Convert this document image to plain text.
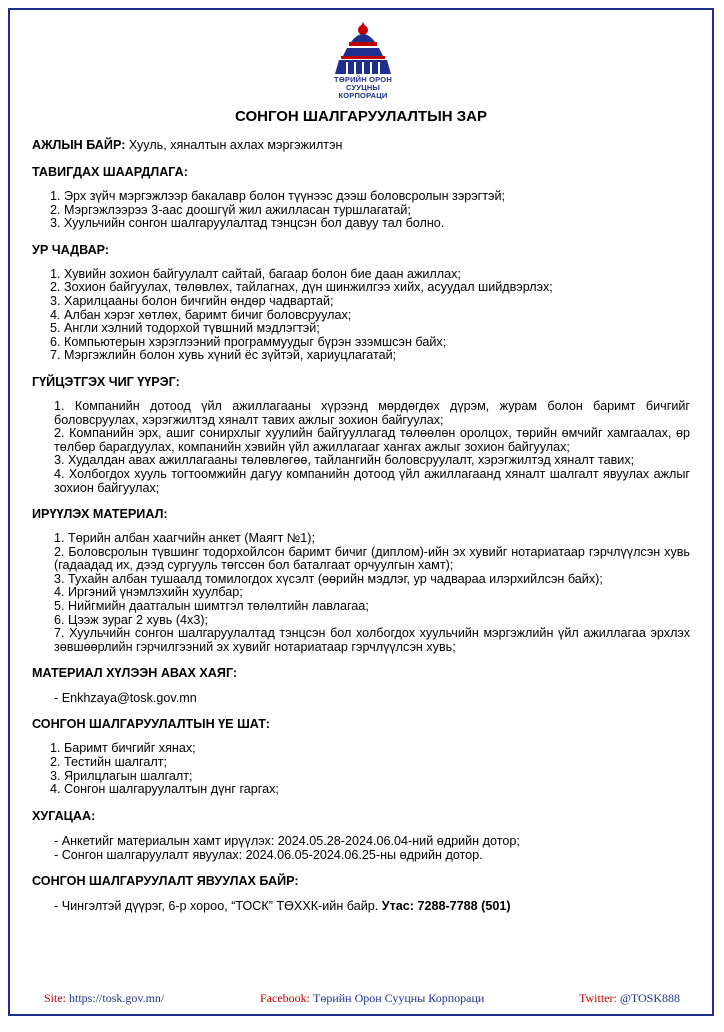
ТӨРИЙН ОРОН СУУЦНЫ
КОРПОРАЦИ
СОНГОН ШАЛГАРУУЛАЛТЫН ЗАР
АЖЛЫН БАЙР: Хууль, хяналтын ахлах мэргэжилтэн
ТАВИГДАХ ШААРДЛАГА:
1. Эрх зүйч мэргэжлээр бакалавр болон түүнээс дээш боловсролын зэрэгтэй;
2. Мэргэжлээрээ 3-аас доошгүй жил ажилласан туршлагатай;
3. Хуульчийн сонгон шалгаруулалтад тэнцсэн бол давуу тал болно.
УР ЧАДВАР:
1. Хувийн зохион байгуулалт сайтай, багаар болон бие даан ажиллах;
2. Зохион байгуулах, төлөвлөх, тайлагнах, дүн шинжилгээ хийх, асуудал шийдвэрлэх;
3. Харилцааны болон бичгийн өндөр чадвартай;
4. Албан хэрэг хөтлөх, баримт бичиг боловсруулах;
5. Англи хэлний тодорхой түвшний мэдлэгтэй;
6. Компьютерын хэрэглээний программуудыг бүрэн эзэмшсэн байх;
7. Мэргэжлийн болон хувь хүний ёс зүйтэй, хариуцлагатай;
ГҮЙЦЭТГЭХ ЧИГ ҮҮРЭГ:
1. Компанийн дотоод үйл ажиллагааны хүрээнд мөрдөгдөх дүрэм, журам болон баримт бичгийг боловсруулах, хэрэгжилтэд хяналт тавих ажлыг зохион байгуулах;
2. Компанийн эрх, ашиг сонирхлыг хуулийн байгууллагад төлөөлөн оролцох, төрийн өмчийг хамгаалах, өр төлбөр барагдуулах, компанийн хэвийн үйл ажиллагааг хангах ажлыг зохион байгуулах;
3. Худалдан авах ажиллагааны төлөвлөгөө, тайлангийн боловсруулалт, хэрэгжилтэд хяналт тавих;
4. Холбогдох хууль тогтоомжийн дагуу компанийн дотоод үйл ажиллагаанд хяналт шалгалт явуулах ажлыг зохион байгуулах;
ИРҮҮЛЭХ МАТЕРИАЛ:
1. Төрийн албан хаагчийн анкет (Маягт №1);
2. Боловсролын түвшинг тодорхойлсон баримт бичиг (диплом)-ийн эх хувийг нотариатаар гэрчлүүлсэн хувь (гадаадад их, дээд сургууль төгссөн бол баталгаат орчуулгын хамт);
3. Тухайн албан тушаалд томилогдох хүсэлт (өөрийн мэдлэг, ур чадвараа илэрхийлсэн байх);
4. Иргэний үнэмлэхийн хуулбар;
5. Нийгмийн даатгалын шимтгэл төлөлтийн лавлагаа;
6. Цээж зураг 2 хувь (4x3);
7. Хуульчийн сонгон шалгаруулалтад тэнцсэн бол холбогдох хуульчийн мэргэжлийн үйл ажиллагаа эрхлэх зөвшөөрлийн гэрчилгээний эх хувийг нотариатаар гэрчлүүлсэн хувь;
МАТЕРИАЛ ХҮЛЭЭН АВАХ ХАЯГ:
- Enkhzaya@tosk.gov.mn
СОНГОН ШАЛГАРУУЛАЛТЫН ҮЕ ШАТ:
1. Баримт бичгийг хянах;
2. Тестийн шалгалт;
3. Ярилцлагын шалгалт;
4. Сонгон шалгаруулалтын дүнг гаргах;
ХУГАЦАА:
- Анкетийг материалын хамт ирүүлэх: 2024.05.28-2024.06.04-ний өдрийн дотор;
- Сонгон шалгаруулалт явуулах: 2024.06.05-2024.06.25-ны өдрийн дотор.
СОНГОН ШАЛГАРУУЛАЛТ ЯВУУЛАХ БАЙР:
- Чингэлтэй дүүрэг, 6-р хороо, “ТОСК” ТӨХХК-ийн байр. Утас: 7288-7788 (501)
Site: https://tosk.gov.mn/	Facebook: Төрийн Орон Сууцны Корпораци	Twitter: @TOSK888
